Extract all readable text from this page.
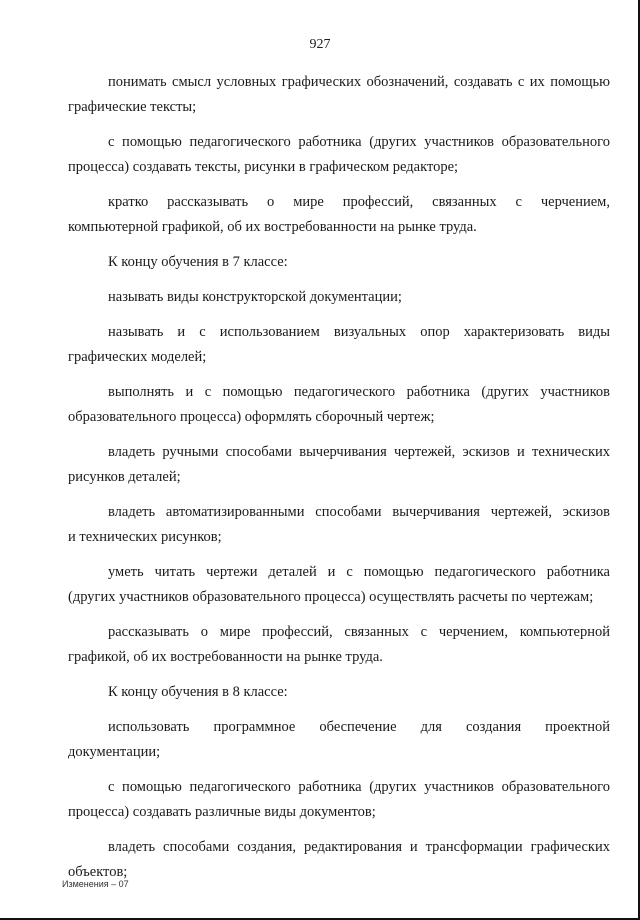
927

понимать смысл условных графических обозначений, создавать с их помощью
графические тексты;

с помощью педагогического работника (других участников образовательного
процесса) создавать тексты, рисунки в графическом редакторе;

кратко рассказывать о мире профессий, связанных с черчением,
компьютерной графикой, об их востребованности на рынке труда.

К концу обучения в 7 классе:

называть виды конструкторской документации;

называть и с использованием визуальных опор характеризовать виды
графических моделей;

выполнять и с помощью педагогического работника (других участников
образовательного процесса) оформлять сборочный чертеж;

владеть ручными способами вычерчивания чертежей, эскизов и технических
рисунков деталей;

владеть автоматизированными способами вычерчивания чертежей, эскизов
и технических рисунков;

уметь читать чертежи деталей и с помощью педагогического работника
(других участников образовательного процесса) осуществлять расчеты по чертежам;

рассказывать о мире профессий, связанных с черчением, компьютерной
графикой, об их востребованности на рынке труда.

К концу обучения в 8 классе:

использовать программное обеспечение для создания проектной
документации;

с помощью педагогического работника (других участников образовательного
процесса) создавать различные виды документов;

владеть способами создания, редактирования и трансформации графических
объектов;

Изменения – 07
